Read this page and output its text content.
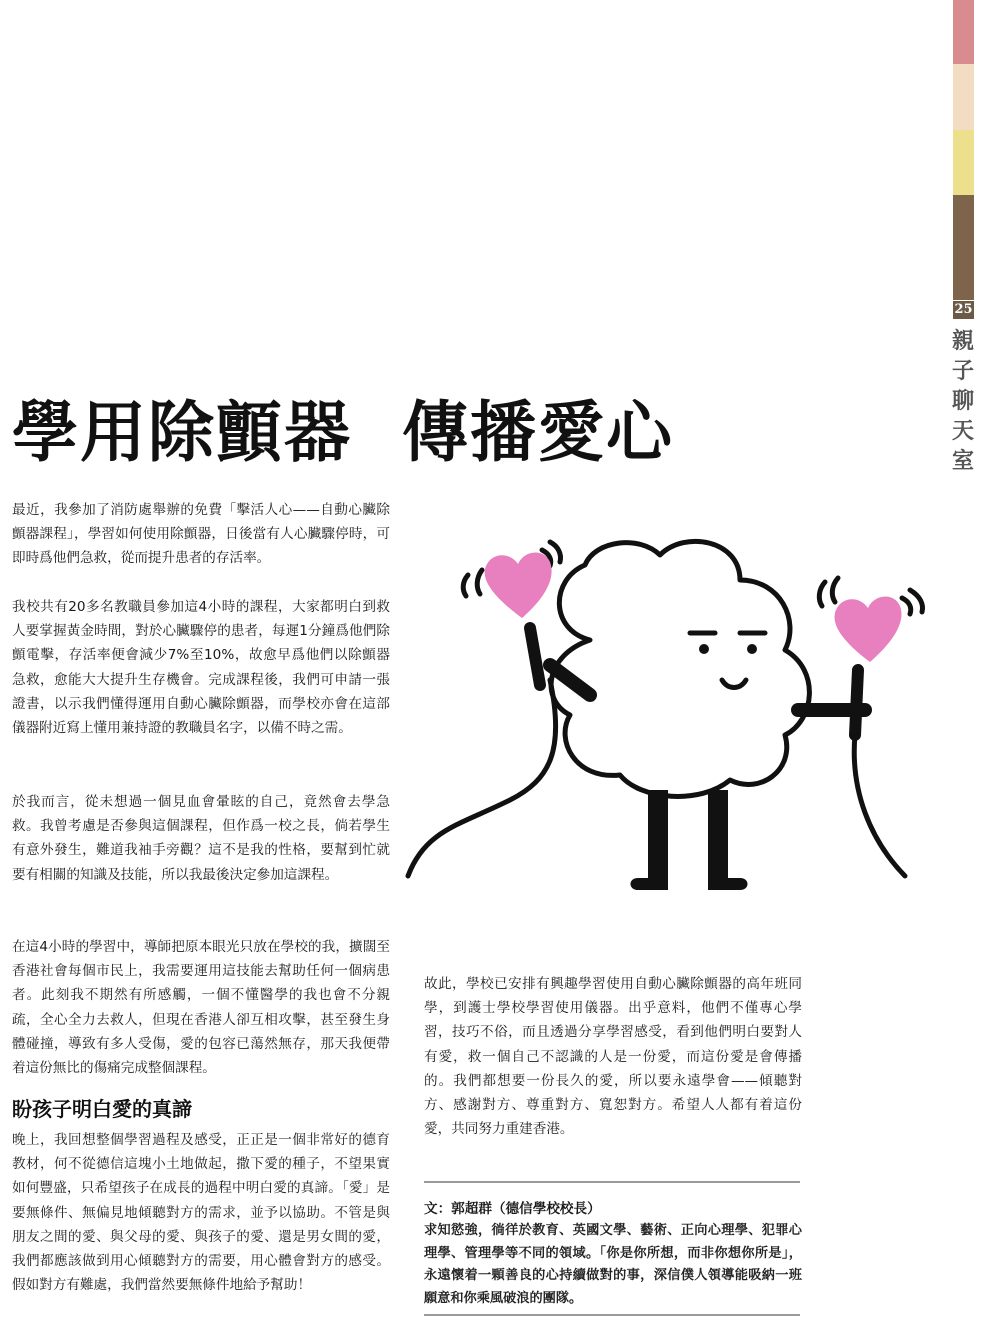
25
親子聊天室
學用除顫器  傳播愛心

最近，我參加了消防處舉辦的免費「擊活人心——自動心臟除顫器課程」，學習如何使用除顫器，日後當有人心臟驟停時，可即時爲他們急救，從而提升患者的存活率。

我校共有20多名教職員參加這4小時的課程，大家都明白到救人要掌握黃金時間，對於心臟驟停的患者，每遲1分鐘爲他們除顫電擊，存活率便會減少7%至10%，故愈早爲他們以除顫器急救，愈能大大提升生存機會。完成課程後，我們可申請一張證書，以示我們懂得運用自動心臟除顫器，而學校亦會在這部儀器附近寫上懂用兼持證的教職員名字，以備不時之需。

於我而言，從未想過一個見血會暈眩的自己，竟然會去學急救。我曾考慮是否參與這個課程，但作爲一校之長，倘若學生有意外發生，難道我袖手旁觀？這不是我的性格，要幫到忙就要有相關的知識及技能，所以我最後決定參加這課程。

在這4小時的學習中，導師把原本眼光只放在學校的我，擴闊至香港社會每個市民上，我需要運用這技能去幫助任何一個病患者。此刻我不期然有所感觸，一個不懂醫學的我也會不分親疏，全心全力去救人，但現在香港人卻互相攻擊，甚至發生身體碰撞，導致有多人受傷，愛的包容已蕩然無存，那天我便帶着這份無比的傷痛完成整個課程。

盼孩子明白愛的真諦

晚上，我回想整個學習過程及感受，正正是一個非常好的德育教材，何不從德信這塊小土地做起，撒下愛的種子，不望果實如何豐盛，只希望孩子在成長的過程中明白愛的真諦。「愛」是要無條件、無偏見地傾聽對方的需求，並予以協助。不管是與朋友之間的愛、與父母的愛、與孩子的愛、還是男女間的愛，我們都應該做到用心傾聽對方的需要，用心體會對方的感受。假如對方有難處，我們當然要無條件地給予幫助！

故此，學校已安排有興趣學習使用自動心臟除顫器的高年班同學，到護士學校學習使用儀器。出乎意料，他們不僅專心學習，技巧不俗，而且透過分享學習感受，看到他們明白要對人有愛，救一個自己不認識的人是一份愛，而這份愛是會傳播的。我們都想要一份長久的愛，所以要永遠學會——傾聽對方、感謝對方、尊重對方、寬恕對方。希望人人都有着這份愛，共同努力重建香港。

文：郭超群（德信學校校長）

求知慾強，徜徉於教育、英國文學、藝術、正向心理學、犯罪心理學、管理學等不同的領域。「你是你所想，而非你想你所是」，永遠懷着一顆善良的心持續做對的事，深信僕人領導能吸納一班願意和你乘風破浪的團隊。
